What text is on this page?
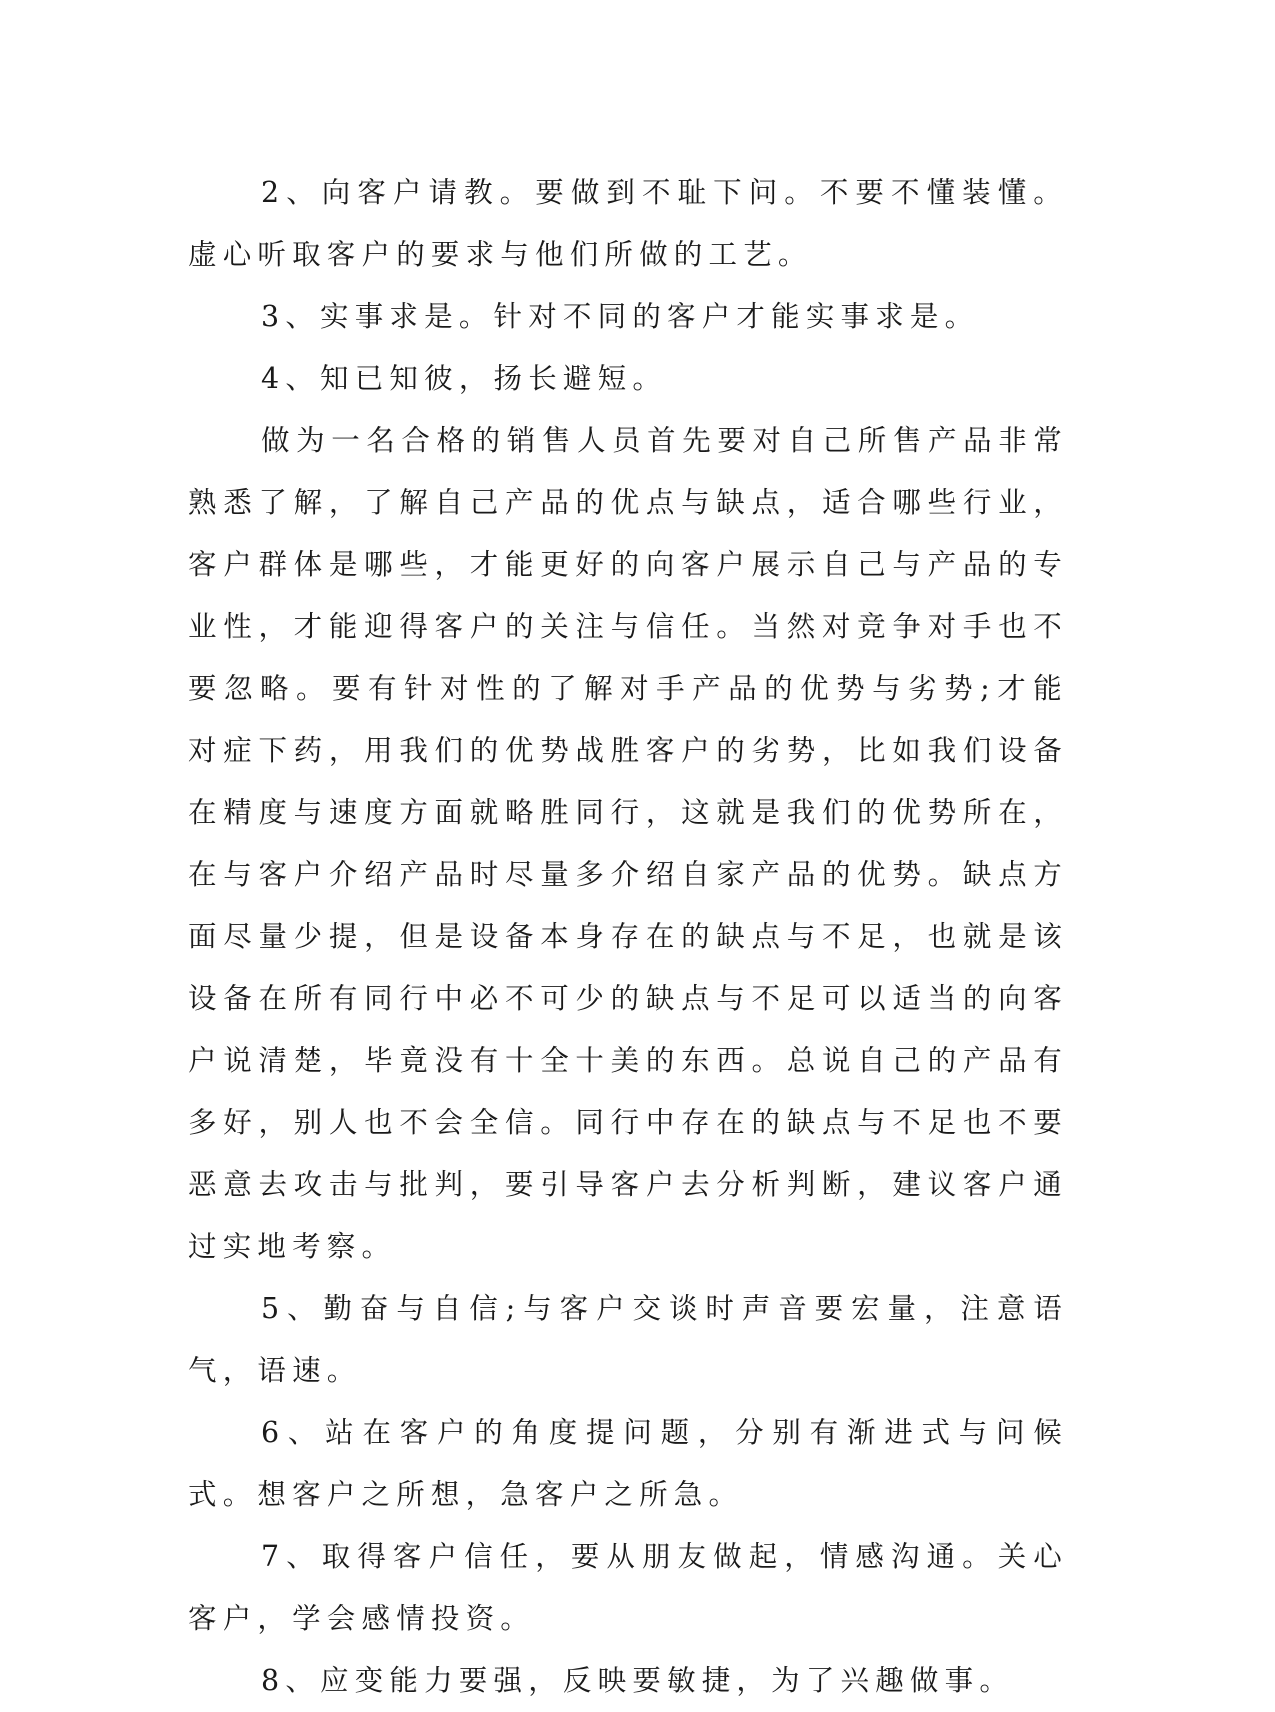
2、向客户请教。要做到不耻下问。不要不懂装懂。虚心听取客户的要求与他们所做的工艺。

3、实事求是。针对不同的客户才能实事求是。

4、知已知彼，扬长避短。

做为一名合格的销售人员首先要对自己所售产品非常熟悉了解，了解自己产品的优点与缺点，适合哪些行业，客户群体是哪些，才能更好的向客户展示自己与产品的专业性，才能迎得客户的关注与信任。当然对竞争对手也不要忽略。要有针对性的了解对手产品的优势与劣势;才能对症下药，用我们的优势战胜客户的劣势，比如我们设备在精度与速度方面就略胜同行，这就是我们的优势所在，在与客户介绍产品时尽量多介绍自家产品的优势。缺点方面尽量少提，但是设备本身存在的缺点与不足，也就是该设备在所有同行中必不可少的缺点与不足可以适当的向客户说清楚，毕竟没有十全十美的东西。总说自己的产品有多好，别人也不会全信。同行中存在的缺点与不足也不要恶意去攻击与批判，要引导客户去分析判断，建议客户通过实地考察。

5、勤奋与自信;与客户交谈时声音要宏量，注意语气，语速。

6、站在客户的角度提问题，分别有渐进式与问候式。想客户之所想，急客户之所急。

7、取得客户信任，要从朋友做起，情感沟通。关心客户，学会感情投资。

8、应变能力要强，反映要敏捷，为了兴趣做事。
